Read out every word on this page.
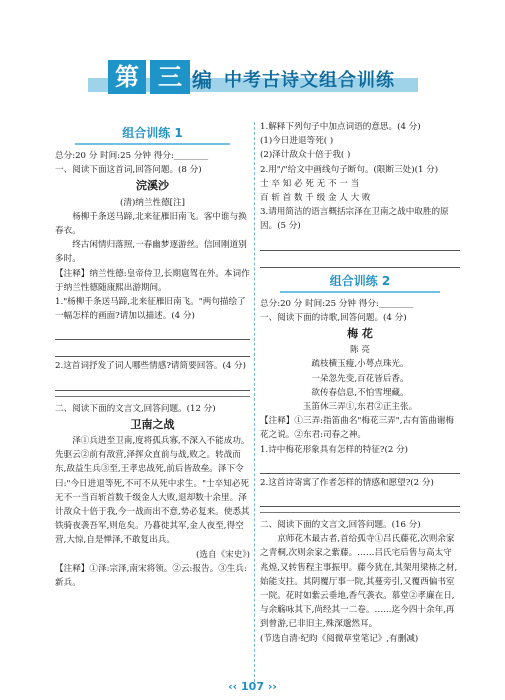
第 三 编 中考古诗文组合训练
组合训练 1

总分:20 分 时间:25 分钟 得分:________

一、阅读下面这首词,回答问题。(8 分)

浣溪沙
(清)纳兰性德[注]

杨柳千条送马蹄,北来征雁旧南飞。客中谁与换春衣。

终古闲情归落照,一春幽梦逐游丝。信回刚道别多时。

【注释】纳兰性德:皇帝侍卫,长期扈驾在外。本词作于纳兰性德随康熙出游期间。

1."杨柳千条送马蹄,北来征雁旧南飞。"两句描绘了一幅怎样的画面?请加以描述。(4 分)

2.这首词抒发了词人哪些情感?请简要回答。(4 分)

二、阅读下面的文言文,回答问题。(12 分)

卫南之战

泽①兵进至卫南,度将孤兵寡,不深入不能成功。先驱云②前有敌营,泽挥众直前与战,败之。转战而东,敌益生兵③至,王孝忠战死,前后皆敌垒。泽下令曰:"今日进退等死,不可不从死中求生。"士卒知必死无不一当百斩首数千级金人大败,退却数十余里。泽计敌众十倍于我,今一战而出不意,势必复来。使悉其铁骑夜袭吾军,则危矣。乃暮徙其军,金人夜至,得空营,大惊,自是惮泽,不敢复出兵。

(选自《宋史》)

【注释】①泽:宗泽,南宋将领。②云:报告。③生兵:新兵。

1.解释下列句子中加点词语的意思。(4 分)

(1)今日进退等死( )

(2)泽计敌众十倍于我( )

2.用"/"给文中画线句子断句。(限断三处)(1 分)

士 卒 知 必 死 无 不 一 当

百 斩 首 数 千 级 金 人 大 败

3.请用简洁的语言概括宗泽在卫南之战中取胜的原因。(5 分)

组合训练 2

总分:20 分 时间:25 分钟 得分:________

一、阅读下面的诗歌,回答问题。(4 分)

梅 花
陈 亮

疏枝横玉瘦,小萼点珠光。

一朵忽先变,百花皆后香。

欲传春信息,不怕雪埋藏。

玉笛休三弄①,东君②正主张。

【注释】①三弄:指笛曲名"梅花三弄",古有笛曲谢梅花之说。②东君:司春之神。

1.诗中梅花形象具有怎样的特征?(2 分)

2.这首诗寄寓了作者怎样的情感和愿望?(2 分)

二、阅读下面的文言文,回答问题。(16 分)

京师花木最古者,首给孤寺①吕氏藤花,次则余家之青桐,次则余家之紫藤。……吕氏宅后售与高太守兆煌,又转售程主事振甲。藤今犹在,其架用梁栋之材,始能支拄。其阴覆厅事一院,其蔓旁引,又覆西偏书室一院。花时如紫云垂地,香气袭衣。慕堂②孝廉在日,与余觞咏其下,尚经其一二卷。……迄今四十余年,再到曾游,已非旧主,殊深邈然耳。

(节选自清·纪昀《阅微草堂笔记》,有删减)

‹‹ 107 ››
